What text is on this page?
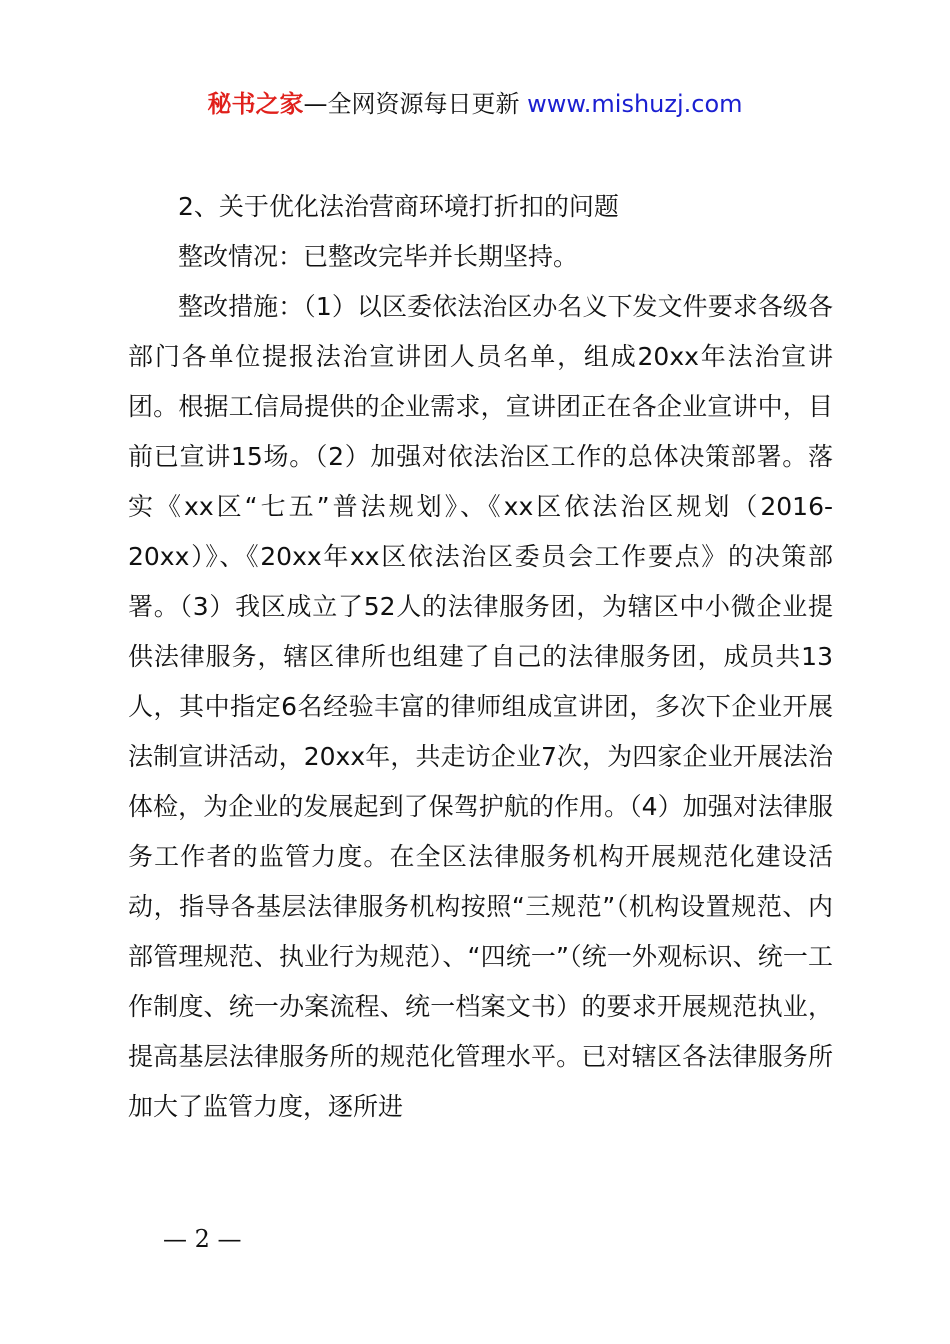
秘书之家—全网资源每日更新 www.mishuzj.com

2、关于优化法治营商环境打折扣的问题

整改情况：已整改完毕并长期坚持。

整改措施：（1）以区委依法治区办名义下发文件要求各级各部门各单位提报法治宣讲团人员名单，组成20xx年法治宣讲团。根据工信局提供的企业需求，宣讲团正在各企业宣讲中，目前已宣讲15场。（2）加强对依法治区工作的总体决策部署。落实《xx区“七五”普法规划》、《xx区依法治区规划（2016-20xx）》、《20xx年xx区依法治区委员会工作要点》的决策部署。（3）我区成立了52人的法律服务团，为辖区中小微企业提供法律服务，辖区律所也组建了自己的法律服务团，成员共13人，其中指定6名经验丰富的律师组成宣讲团，多次下企业开展法制宣讲活动，20xx年，共走访企业7次，为四家企业开展法治体检，为企业的发展起到了保驾护航的作用。（4）加强对法律服务工作者的监管力度。在全区法律服务机构开展规范化建设活动，指导各基层法律服务机构按照“三规范”（机构设置规范、内部管理规范、执业行为规范）、“四统一”（统一外观标识、统一工作制度、统一办案流程、统一档案文书）的要求开展规范执业，提高基层法律服务所的规范化管理水平。已对辖区各法律服务所加大了监管力度，逐所进

— 2 —
